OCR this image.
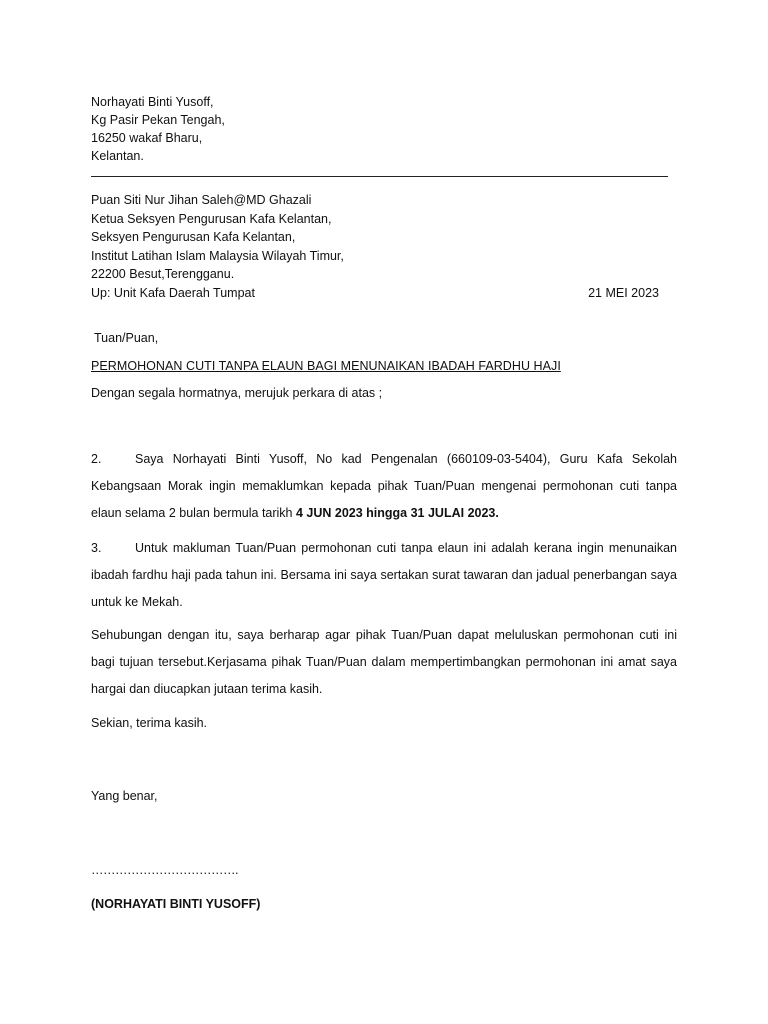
Norhayati Binti Yusoff,
Kg Pasir Pekan Tengah,
16250 wakaf Bharu,
Kelantan.
Puan Siti Nur Jihan Saleh@MD Ghazali
Ketua Seksyen Pengurusan Kafa Kelantan,
Seksyen Pengurusan Kafa Kelantan,
Institut Latihan Islam Malaysia Wilayah Timur,
22200 Besut,Terengganu.
Up: Unit Kafa Daerah Tumpat	21 MEI 2023
Tuan/Puan,
PERMOHONAN CUTI TANPA ELAUN BAGI MENUNAIKAN IBADAH FARDHU HAJI
Dengan segala hormatnya, merujuk perkara di atas ;
2.	Saya Norhayati Binti Yusoff, No kad Pengenalan (660109-03-5404), Guru Kafa Sekolah Kebangsaan Morak ingin memaklumkan kepada pihak Tuan/Puan mengenai permohonan cuti tanpa elaun selama 2 bulan bermula tarikh 4 JUN 2023 hingga 31 JULAI 2023.
3.	Untuk makluman Tuan/Puan permohonan cuti tanpa elaun ini adalah kerana ingin menunaikan ibadah fardhu haji pada tahun ini. Bersama ini saya sertakan surat tawaran dan jadual penerbangan saya untuk ke Mekah.
Sehubungan dengan itu, saya berharap agar pihak Tuan/Puan dapat meluluskan permohonan cuti ini bagi tujuan tersebut.Kerjasama pihak Tuan/Puan dalam mempertimbangkan permohonan ini amat saya hargai dan diucapkan jutaan terima kasih.
Sekian, terima kasih.
Yang benar,
……………………………….
(NORHAYATI BINTI YUSOFF)
